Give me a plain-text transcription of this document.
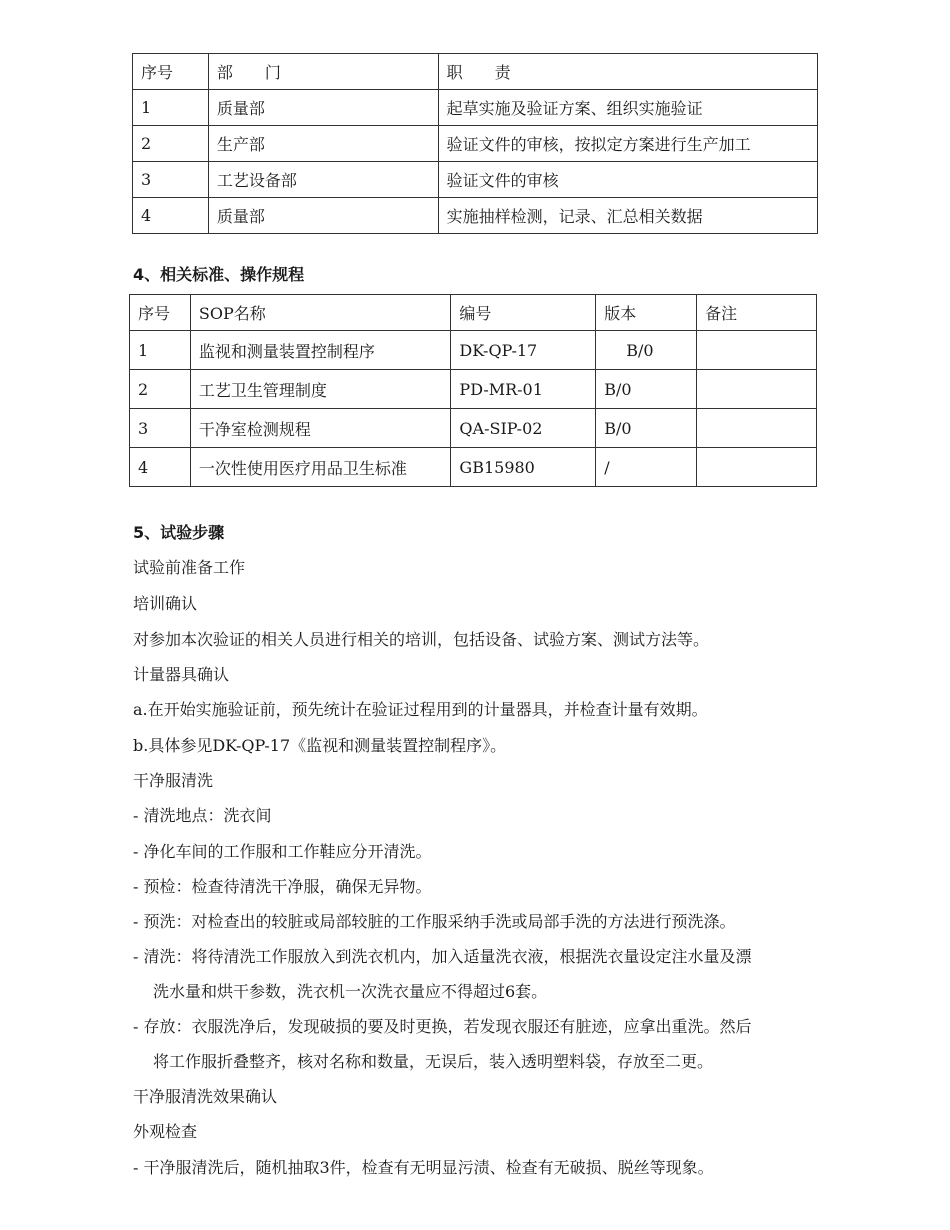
序号	部　　门	职　　责
1	质量部	起草实施及验证方案、组织实施验证
2	生产部	验证文件的审核，按拟定方案进行生产加工
3	工艺设备部	验证文件的审核
4	质量部	实施抽样检测，记录、汇总相关数据
4、相关标准、操作规程
序号	SOP名称	编号	版本	备注
1	监视和测量装置控制程序	DK-QP-17	B/0	
2	工艺卫生管理制度	PD-MR-01	B/0	
3	干净室检测规程	QA-SIP-02	B/0	
4	一次性使用医疗用品卫生标准	GB15980	/	
5、试验步骤
试验前准备工作
培训确认
对参加本次验证的相关人员进行相关的培训，包括设备、试验方案、测试方法等。
计量器具确认
a.在开始实施验证前，预先统计在验证过程用到的计量器具，并检查计量有效期。
b.具体参见DK-QP-17《监视和测量装置控制程序》。
干净服清洗
- 清洗地点：洗衣间
- 净化车间的工作服和工作鞋应分开清洗。
- 预检：检查待清洗干净服，确保无异物。
- 预洗：对检查出的较脏或局部较脏的工作服采纳手洗或局部手洗的方法进行预洗涤。
- 清洗：将待清洗工作服放入到洗衣机内，加入适量洗衣液，根据洗衣量设定注水量及漂
洗水量和烘干参数，洗衣机一次洗衣量应不得超过6套。
- 存放：衣服洗净后，发现破损的要及时更换，若发现衣服还有脏迹，应拿出重洗。然后
将工作服折叠整齐，核对名称和数量，无误后，装入透明塑料袋，存放至二更。
干净服清洗效果确认
外观检查
- 干净服清洗后，随机抽取3件，检查有无明显污渍、检查有无破损、脱丝等现象。
